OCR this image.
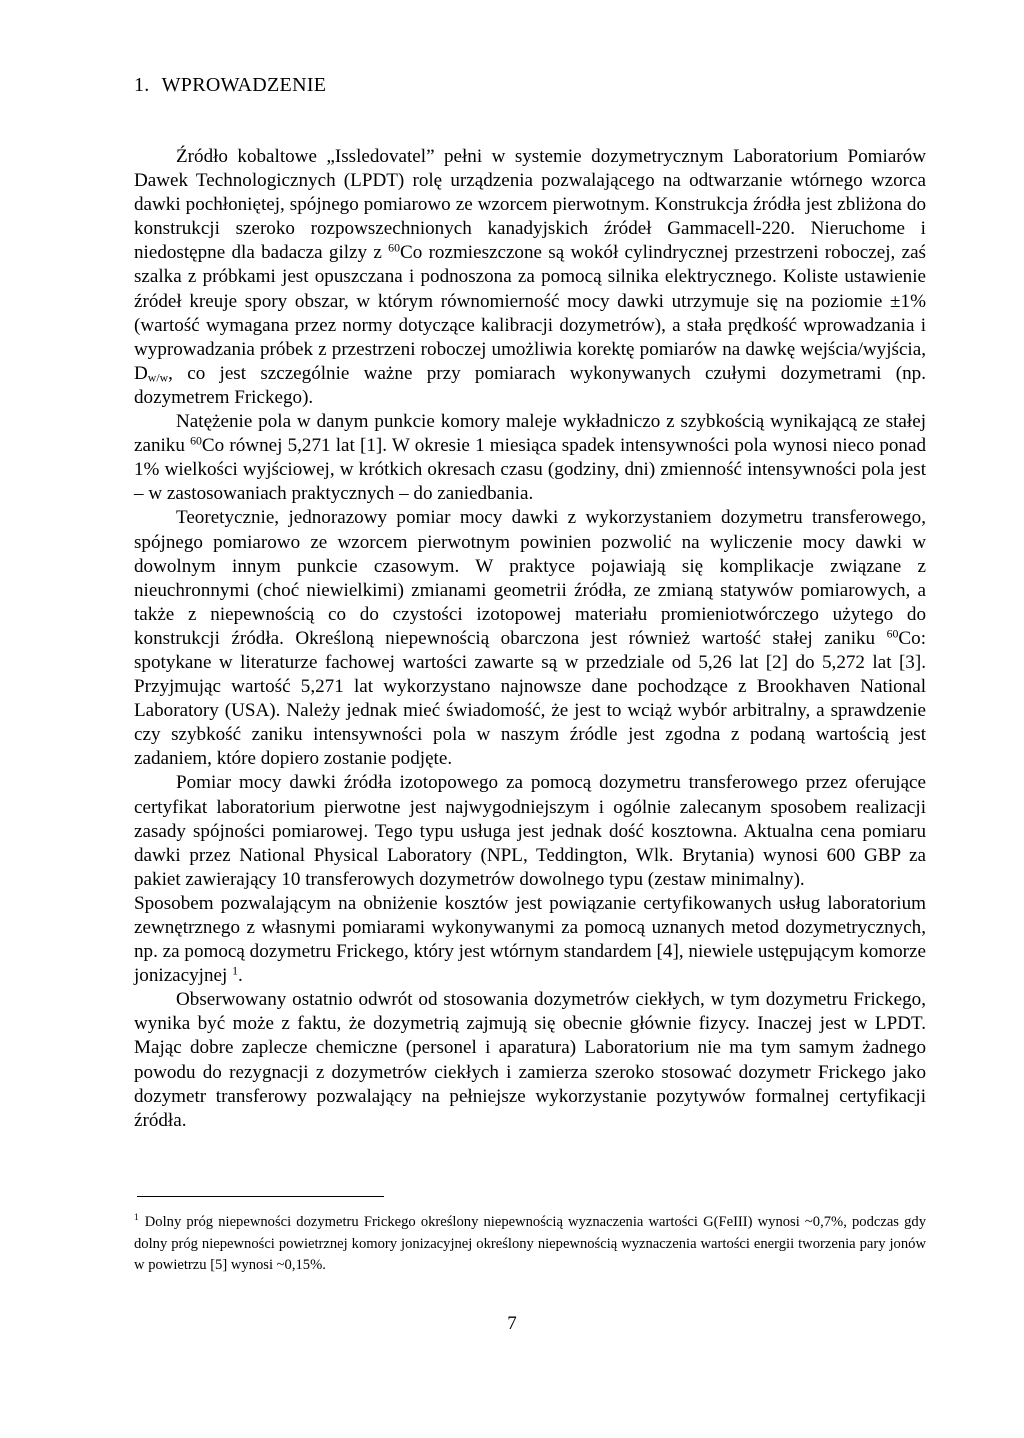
1. WPROWADZENIE

Źródło kobaltowe „Issledovatel” pełni w systemie dozymetrycznym Laboratorium Pomiarów Dawek Technologicznych (LPDT) rolę urządzenia pozwalającego na odtwarzanie wtórnego wzorca dawki pochłoniętej, spójnego pomiarowo ze wzorcem pierwotnym. Konstrukcja źródła jest zbliżona do konstrukcji szeroko rozpowszechnionych kanadyjskich źródeł Gammacell-220. Nieruchome i niedostępne dla badacza gilzy z $^{60}$Co rozmieszczone są wokół cylindrycznej przestrzeni roboczej, zaś szalka z próbkami jest opuszczana i podnoszona za pomocą silnika elektrycznego. Koliste ustawienie źródeł kreuje spory obszar, w którym równomierność mocy dawki utrzymuje się na poziomie ±1% (wartość wymagana przez normy dotyczące kalibracji dozymetrów), a stała prędkość wprowadzania i wyprowadzania próbek z przestrzeni roboczej umożliwia korektę pomiarów na dawkę wejścia/wyjścia, $D_{w/w}$, co jest szczególnie ważne przy pomiarach wykonywanych czułymi dozymetrami (np. dozymetrem Frickego).

Natężenie pola w danym punkcie komory maleje wykładniczo z szybkością wynikającą ze stałej zaniku $^{60}$Co równej 5,271 lat [1]. W okresie 1 miesiąca spadek intensywności pola wynosi nieco ponad 1% wielkości wyjściowej, w krótkich okresach czasu (godziny, dni) zmienność intensywności pola jest – w zastosowaniach praktycznych – do zaniedbania.

Teoretycznie, jednorazowy pomiar mocy dawki z wykorzystaniem dozymetru transferowego, spójnego pomiarowo ze wzorcem pierwotnym powinien pozwolić na wyliczenie mocy dawki w dowolnym innym punkcie czasowym. W praktyce pojawiają się komplikacje związane z nieuchronnymi (choć niewielkimi) zmianami geometrii źródła, ze zmianą statywów pomiarowych, a także z niepewnością co do czystości izotopowej materiału promieniotwórczego użytego do konstrukcji źródła. Określoną niepewnością obarczona jest również wartość stałej zaniku $^{60}$Co: spotykane w literaturze fachowej wartości zawarte są w przedziale od 5,26 lat [2] do 5,272 lat [3]. Przyjmując wartość 5,271 lat wykorzystano najnowsze dane pochodzące z Brookhaven National Laboratory (USA). Należy jednak mieć świadomość, że jest to wciąż wybór arbitralny, a sprawdzenie czy szybkość zaniku intensywności pola w naszym źródle jest zgodna z podaną wartością jest zadaniem, które dopiero zostanie podjęte.

Pomiar mocy dawki źródła izotopowego za pomocą dozymetru transferowego przez oferujące certyfikat laboratorium pierwotne jest najwygodniejszym i ogólnie zalecanym sposobem realizacji zasady spójności pomiarowej. Tego typu usługa jest jednak dość kosztowna. Aktualna cena pomiaru dawki przez National Physical Laboratory (NPL, Teddington, Wlk. Brytania) wynosi 600 GBP za pakiet zawierający 10 transferowych dozymetrów dowolnego typu (zestaw minimalny).

Sposobem pozwalającym na obniżenie kosztów jest powiązanie certyfikowanych usług laboratorium zewnętrznego z własnymi pomiarami wykonywanymi za pomocą uznanych metod dozymetrycznych, np. za pomocą dozymetru Frickego, który jest wtórnym standardem [4], niewiele ustępującym komorze jonizacyjnej $^1$.

Obserwowany ostatnio odwrót od stosowania dozymetrów ciekłych, w tym dozymetru Frickego, wynika być może z faktu, że dozymetrią zajmują się obecnie głównie fizycy. Inaczej jest w LPDT. Mając dobre zaplecze chemiczne (personel i aparatura) Laboratorium nie ma tym samym żadnego powodu do rezygnacji z dozymetrów ciekłych i zamierza szeroko stosować dozymetr Frickego jako dozymetr transferowy pozwalający na pełniejsze wykorzystanie pozytywów formalnej certyfikacji źródła.

$^1$ Dolny próg niepewności dozymetru Frickego określony niepewnością wyznaczenia wartości G(FeIII) wynosi ~0,7%, podczas gdy dolny próg niepewności powietrznej komory jonizacyjnej określony niepewnością wyznaczenia wartości energii tworzenia pary jonów w powietrzu [5] wynosi ~0,15%.
7
